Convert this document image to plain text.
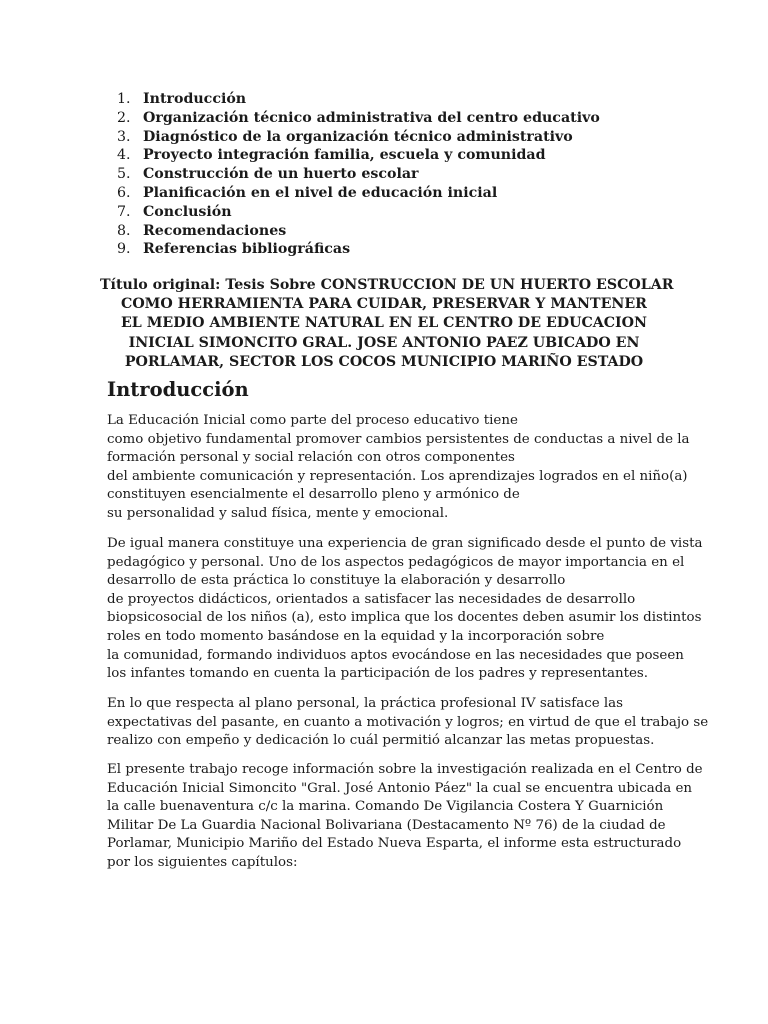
1. Introducción
2. Organización técnico administrativa del centro educativo
3. Diagnóstico de la organización técnico administrativo
4. Proyecto integración familia, escuela y comunidad
5. Construcción de un huerto escolar
6. Planificación en el nivel de educación inicial
7. Conclusión
8. Recomendaciones
9. Referencias bibliográficas
Título original: Tesis Sobre CONSTRUCCION DE UN HUERTO ESCOLAR
COMO HERRAMIENTA PARA CUIDAR, PRESERVAR Y MANTENER
EL MEDIO AMBIENTE NATURAL EN EL CENTRO DE EDUCACION
INICIAL SIMONCITO GRAL. JOSE ANTONIO PAEZ UBICADO EN
PORLAMAR, SECTOR LOS COCOS MUNICIPIO MARIÑO ESTADO
Introducción

La Educación Inicial como parte del proceso educativo tiene
como objetivo fundamental promover cambios persistentes de conductas a nivel de la
formación personal y social relación con otros componentes
del ambiente comunicación y representación. Los aprendizajes logrados en el niño(a)
constituyen esencialmente el desarrollo pleno y armónico de
su personalidad y salud física, mente y emocional.

De igual manera constituye una experiencia de gran significado desde el punto de vista
pedagógico y personal. Uno de los aspectos pedagógicos de mayor importancia en el
desarrollo de esta práctica lo constituye la elaboración y desarrollo
de proyectos didácticos, orientados a satisfacer las necesidades de desarrollo
biopsicosocial de los niños (a), esto implica que los docentes deben asumir los distintos
roles en todo momento basándose en la equidad y la incorporación sobre
la comunidad, formando individuos aptos evocándose en las necesidades que poseen
los infantes tomando en cuenta la participación de los padres y representantes.

En lo que respecta al plano personal, la práctica profesional IV satisface las
expectativas del pasante, en cuanto a motivación y logros; en virtud de que el trabajo se
realizo con empeño y dedicación lo cuál permitió alcanzar las metas propuestas.

El presente trabajo recoge información sobre la investigación realizada en el Centro de
Educación Inicial Simoncito "Gral. José Antonio Páez" la cual se encuentra ubicada en
la calle buenaventura c/c la marina. Comando De Vigilancia Costera Y Guarnición
Militar De La Guardia Nacional Bolivariana (Destacamento Nº 76) de la ciudad de
Porlamar, Municipio Mariño del Estado Nueva Esparta, el informe esta estructurado
por los siguientes capítulos:
